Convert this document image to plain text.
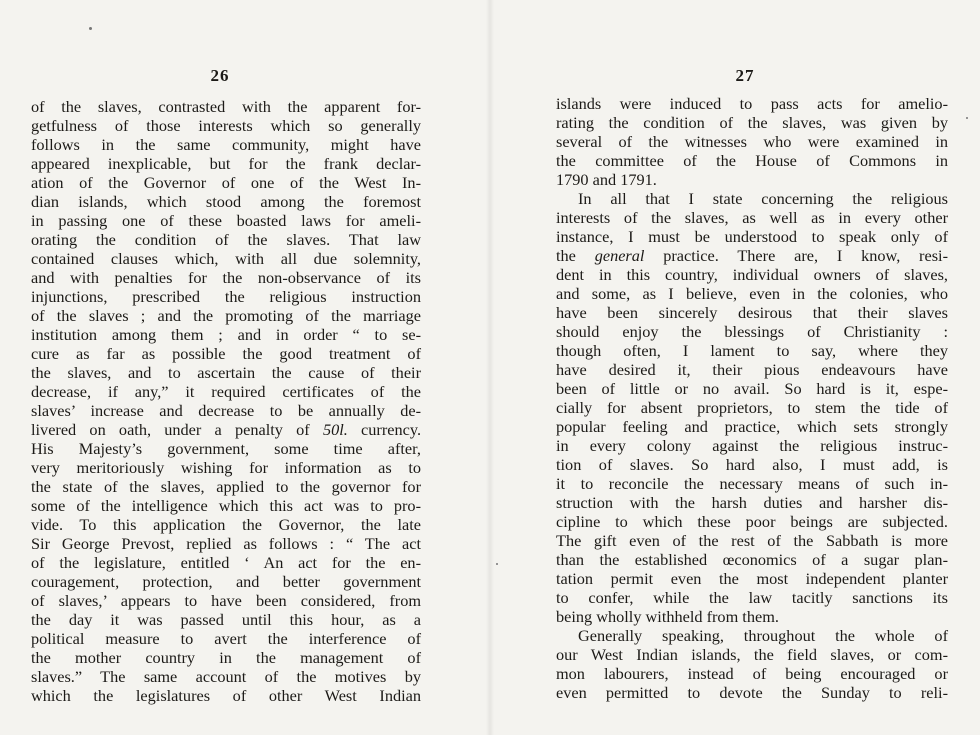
26
of the slaves, contrasted with the apparent for-
getfulness of those interests which so generally
follows in the same community, might have
appeared inexplicable, but for the frank declar-
ation of the Governor of one of the West In-
dian islands, which stood among the foremost
in passing one of these boasted laws for ameli-
orating the condition of the slaves. That law
contained clauses which, with all due solemnity,
and with penalties for the non-observance of its
injunctions, prescribed the religious instruction
of the slaves ; and the promoting of the marriage
institution among them ; and in order “ to se-
cure as far as possible the good treatment of
the slaves, and to ascertain the cause of their
decrease, if any,” it required certificates of the
slaves’ increase and decrease to be annually de-
livered on oath, under a penalty of 50l. currency.
His Majesty’s government, some time after,
very meritoriously wishing for information as to
the state of the slaves, applied to the governor for
some of the intelligence which this act was to pro-
vide. To this application the Governor, the late
Sir George Prevost, replied as follows : “ The act
of the legislature, entitled ‘ An act for the en-
couragement, protection, and better government
of slaves,’ appears to have been considered, from
the day it was passed until this hour, as a
political measure to avert the interference of
the mother country in the management of
slaves.” The same account of the motives by
which the legislatures of other West Indian
27
islands were induced to pass acts for amelio-
rating the condition of the slaves, was given by
several of the witnesses who were examined in
the committee of the House of Commons in
1790 and 1791.
In all that I state concerning the religious
interests of the slaves, as well as in every other
instance, I must be understood to speak only of
the general practice. There are, I know, resi-
dent in this country, individual owners of slaves,
and some, as I believe, even in the colonies, who
have been sincerely desirous that their slaves
should enjoy the blessings of Christianity :
though often, I lament to say, where they
have desired it, their pious endeavours have
been of little or no avail. So hard is it, espe-
cially for absent proprietors, to stem the tide of
popular feeling and practice, which sets strongly
in every colony against the religious instruc-
tion of slaves. So hard also, I must add, is
it to reconcile the necessary means of such in-
struction with the harsh duties and harsher dis-
cipline to which these poor beings are subjected.
The gift even of the rest of the Sabbath is more
than the established œconomics of a sugar plan-
tation permit even the most independent planter
to confer, while the law tacitly sanctions its
being wholly withheld from them.
Generally speaking, throughout the whole of
our West Indian islands, the field slaves, or com-
mon labourers, instead of being encouraged or
even permitted to devote the Sunday to reli-
